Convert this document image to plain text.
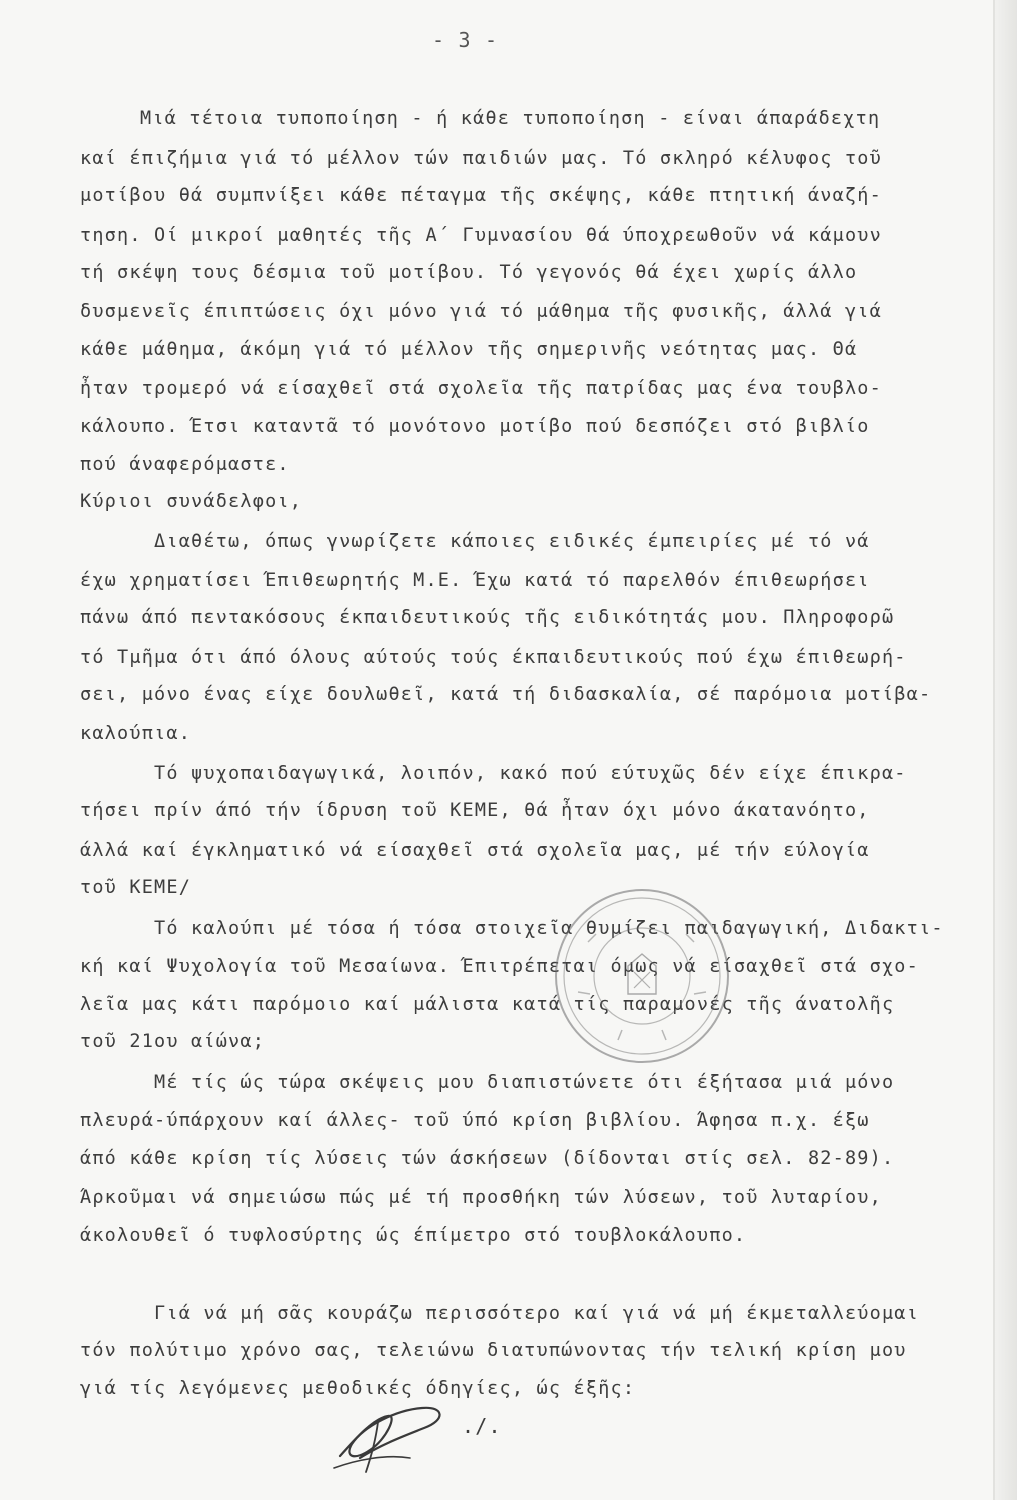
- 3 -
Μιά τέτοια τυποποίηση - ή κάθε τυποποίηση - είναι άπαράδεχτη
καί έπιζήμια γιά τό μέλλον τών παιδιών μας. Τό σκληρό κέλυφος τοῦ
μοτίβου θά συμπνίξει κάθε πέταγμα τῆς σκέψης, κάθε πτητική άναζή-
τηση. Οί μικροί μαθητές τῆς Α΄ Γυμνασίου θά ύποχρεωθοῦν νά κάμουν
τή σκέψη τους δέσμια τοῦ μοτίβου. Τό γεγονός θά έχει χωρίς άλλο
δυσμενεῖς έπιπτώσεις όχι μόνο γιά τό μάθημα τῆς φυσικῆς, άλλά γιά
κάθε μάθημα, άκόμη γιά τό μέλλον τῆς σημερινῆς νεότητας μας. Θά
ἦταν τρομερό νά είσαχθεῖ στά σχολεῖα τῆς πατρίδας μας ένα τουβλο-
κάλουπο. Έτσι καταντᾶ τό μονότονο μοτίβο πού δεσπόζει στό βιβλίο
πού άναφερόμαστε.
Κύριοι συνάδελφοι,
Διαθέτω, όπως γνωρίζετε κάποιες ειδικές έμπειρίες μέ τό νά
έχω χρηματίσει Έπιθεωρητής Μ.Ε. Έχω κατά τό παρελθόν έπιθεωρήσει
πάνω άπό πεντακόσους έκπαιδευτικούς τῆς ειδικότητάς μου. Πληροφορῶ
τό Τμῆμα ότι άπό όλους αύτούς τούς έκπαιδευτικούς πού έχω έπιθεωρή-
σει, μόνο ένας είχε δουλωθεῖ, κατά τή διδασκαλία, σέ παρόμοια μοτίβα-
καλούπια.
Τό ψυχοπαιδαγωγικά, λοιπόν, κακό πού εύτυχῶς δέν είχε έπικρα-
τήσει πρίν άπό τήν ίδρυση τοῦ ΚΕΜΕ, θά ἦταν όχι μόνο άκατανόητο,
άλλά καί έγκληματικό νά είσαχθεῖ στά σχολεῖα μας, μέ τήν εύλογία
τοῦ ΚΕΜΕ/
Τό καλούπι μέ τόσα ή τόσα στοιχεῖα θυμίζει παιδαγωγική, Διδακτι-
κή καί Ψυχολογία τοῦ Μεσαίωνα. Έπιτρέπεται όμως νά είσαχθεῖ στά σχο-
λεῖα μας κάτι παρόμοιο καί μάλιστα κατά τίς παραμονές τῆς άνατολῆς
τοῦ 21ου αίώνα;
Μέ τίς ώς τώρα σκέψεις μου διαπιστώνετε ότι έξήτασα μιά μόνο
πλευρά-ύπάρχουν καί άλλες- τοῦ ύπό κρίση βιβλίου. Άφησα π.χ. έξω
άπό κάθε κρίση τίς λύσεις τών άσκήσεων (δίδονται στίς σελ. 82-89).
Άρκοῦμαι νά σημειώσω πώς μέ τή προσθήκη τών λύσεων, τοῦ λυταρίου,
άκολουθεῖ ό τυφλοσύρτης ώς έπίμετρο στό τουβλοκάλουπο.
Γιά νά μή σᾶς κουράζω περισσότερο καί γιά νά μή έκμεταλλεύομαι
τόν πολύτιμο χρόνο σας, τελειώνω διατυπώνοντας τήν τελική κρίση μου
γιά τίς λεγόμενες μεθοδικές όδηγίες, ώς έξῆς:
./.
